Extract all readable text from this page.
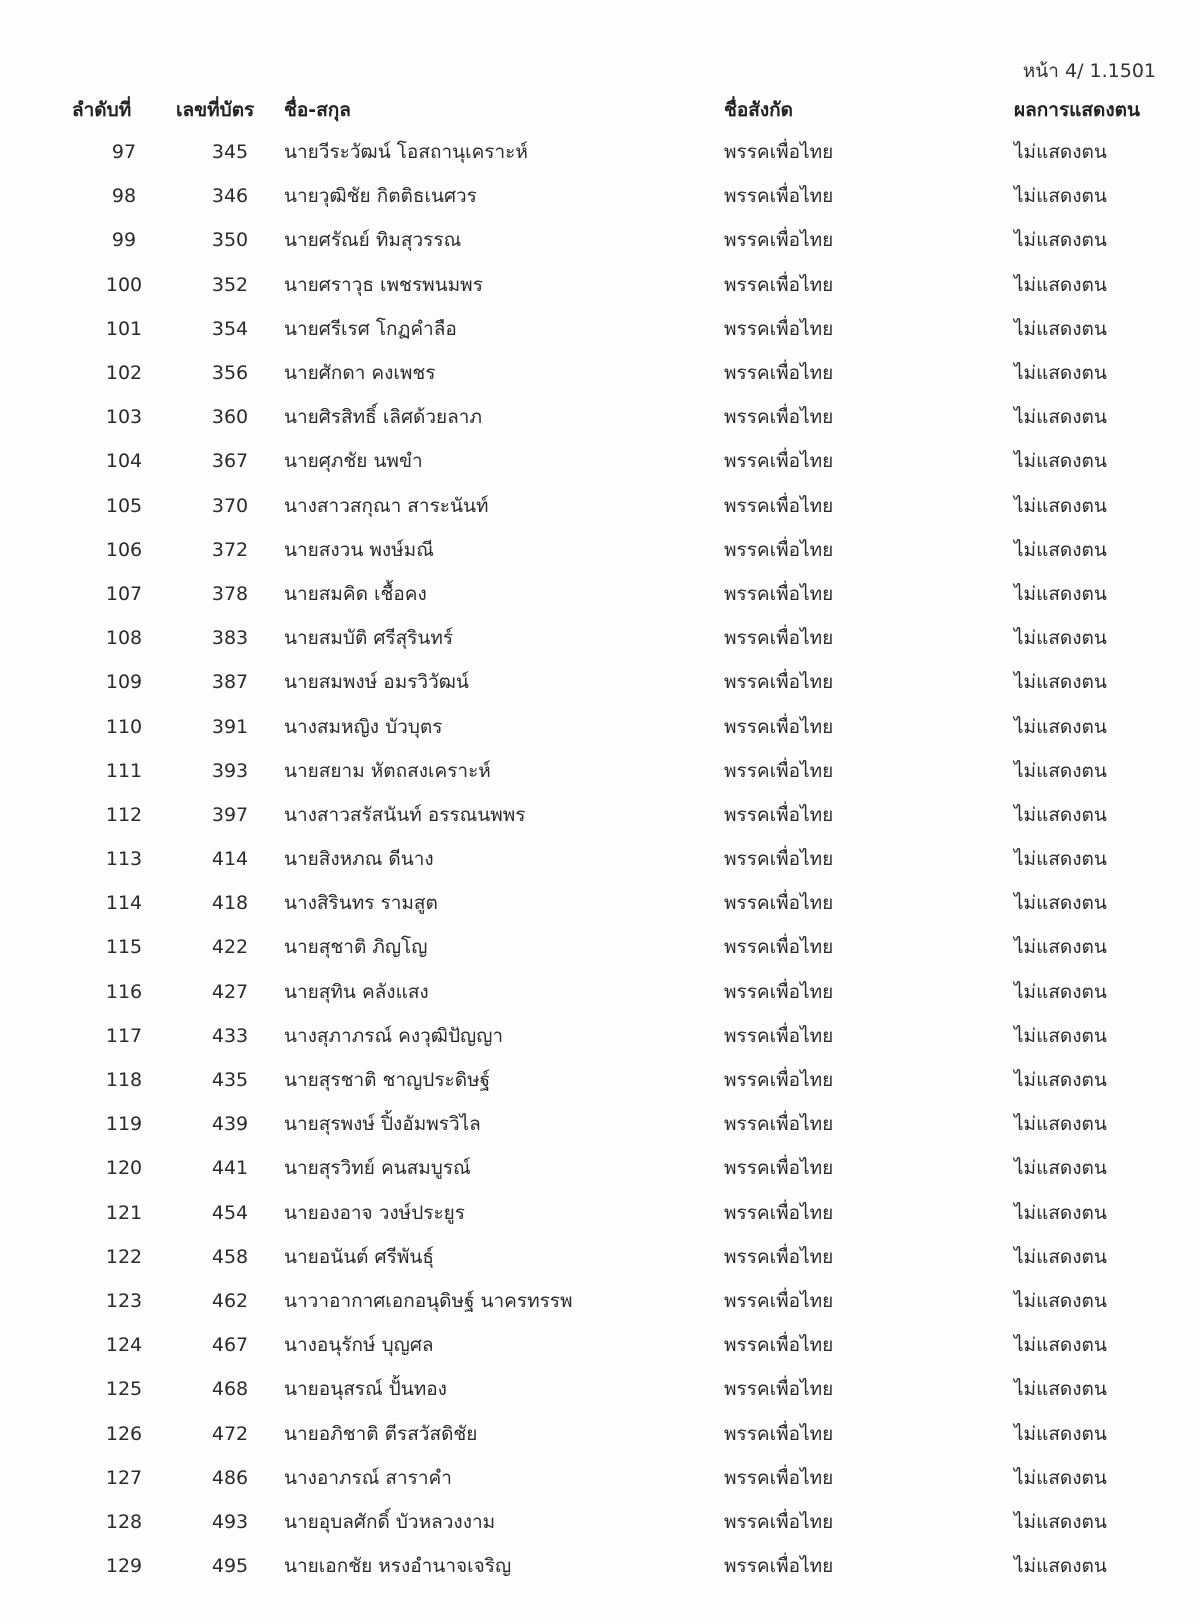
หน้า 4/ 1.1501
ลำดับที่	เลขที่บัตร	ชื่อ-สกุล	ชื่อสังกัด	ผลการแสดงตน
97	345	นายวีระวัฒน์ โอสถานุเคราะห์	พรรคเพื่อไทย	ไม่แสดงตน
98	346	นายวุฒิชัย กิตติธเนศวร	พรรคเพื่อไทย	ไม่แสดงตน
99	350	นายศรัณย์ ทิมสุวรรณ	พรรคเพื่อไทย	ไม่แสดงตน
100	352	นายศราวุธ เพชรพนมพร	พรรคเพื่อไทย	ไม่แสดงตน
101	354	นายศรีเรศ โกฏคำลือ	พรรคเพื่อไทย	ไม่แสดงตน
102	356	นายศักดา คงเพชร	พรรคเพื่อไทย	ไม่แสดงตน
103	360	นายศิรสิทธิ์ เลิศด้วยลาภ	พรรคเพื่อไทย	ไม่แสดงตน
104	367	นายศุภชัย นพขำ	พรรคเพื่อไทย	ไม่แสดงตน
105	370	นางสาวสกุณา สาระนันท์	พรรคเพื่อไทย	ไม่แสดงตน
106	372	นายสงวน พงษ์มณี	พรรคเพื่อไทย	ไม่แสดงตน
107	378	นายสมคิด เชื้อคง	พรรคเพื่อไทย	ไม่แสดงตน
108	383	นายสมบัติ ศรีสุรินทร์	พรรคเพื่อไทย	ไม่แสดงตน
109	387	นายสมพงษ์ อมรวิวัฒน์	พรรคเพื่อไทย	ไม่แสดงตน
110	391	นางสมหญิง บัวบุตร	พรรคเพื่อไทย	ไม่แสดงตน
111	393	นายสยาม หัตถสงเคราะห์	พรรคเพื่อไทย	ไม่แสดงตน
112	397	นางสาวสรัสนันท์ อรรณนพพร	พรรคเพื่อไทย	ไม่แสดงตน
113	414	นายสิงหภณ ดีนาง	พรรคเพื่อไทย	ไม่แสดงตน
114	418	นางสิรินทร รามสูต	พรรคเพื่อไทย	ไม่แสดงตน
115	422	นายสุชาติ ภิญโญ	พรรคเพื่อไทย	ไม่แสดงตน
116	427	นายสุทิน คลังแสง	พรรคเพื่อไทย	ไม่แสดงตน
117	433	นางสุภาภรณ์ คงวุฒิปัญญา	พรรคเพื่อไทย	ไม่แสดงตน
118	435	นายสุรชาติ ชาญประดิษฐ์	พรรคเพื่อไทย	ไม่แสดงตน
119	439	นายสุรพงษ์ ปิ้งอัมพรวิไล	พรรคเพื่อไทย	ไม่แสดงตน
120	441	นายสุรวิทย์ คนสมบูรณ์	พรรคเพื่อไทย	ไม่แสดงตน
121	454	นายองอาจ วงษ์ประยูร	พรรคเพื่อไทย	ไม่แสดงตน
122	458	นายอนันต์ ศรีพันธุ์	พรรคเพื่อไทย	ไม่แสดงตน
123	462	นาวาอากาศเอกอนุดิษฐ์ นาครทรรพ	พรรคเพื่อไทย	ไม่แสดงตน
124	467	นางอนุรักษ์ บุญศล	พรรคเพื่อไทย	ไม่แสดงตน
125	468	นายอนุสรณ์ ปั้นทอง	พรรคเพื่อไทย	ไม่แสดงตน
126	472	นายอภิชาติ ตีรสวัสดิชัย	พรรคเพื่อไทย	ไม่แสดงตน
127	486	นางอาภรณ์ สาราคำ	พรรคเพื่อไทย	ไม่แสดงตน
128	493	นายอุบลศักดิ์ บัวหลวงงาม	พรรคเพื่อไทย	ไม่แสดงตน
129	495	นายเอกชัย หรงอำนาจเจริญ	พรรคเพื่อไทย	ไม่แสดงตน
